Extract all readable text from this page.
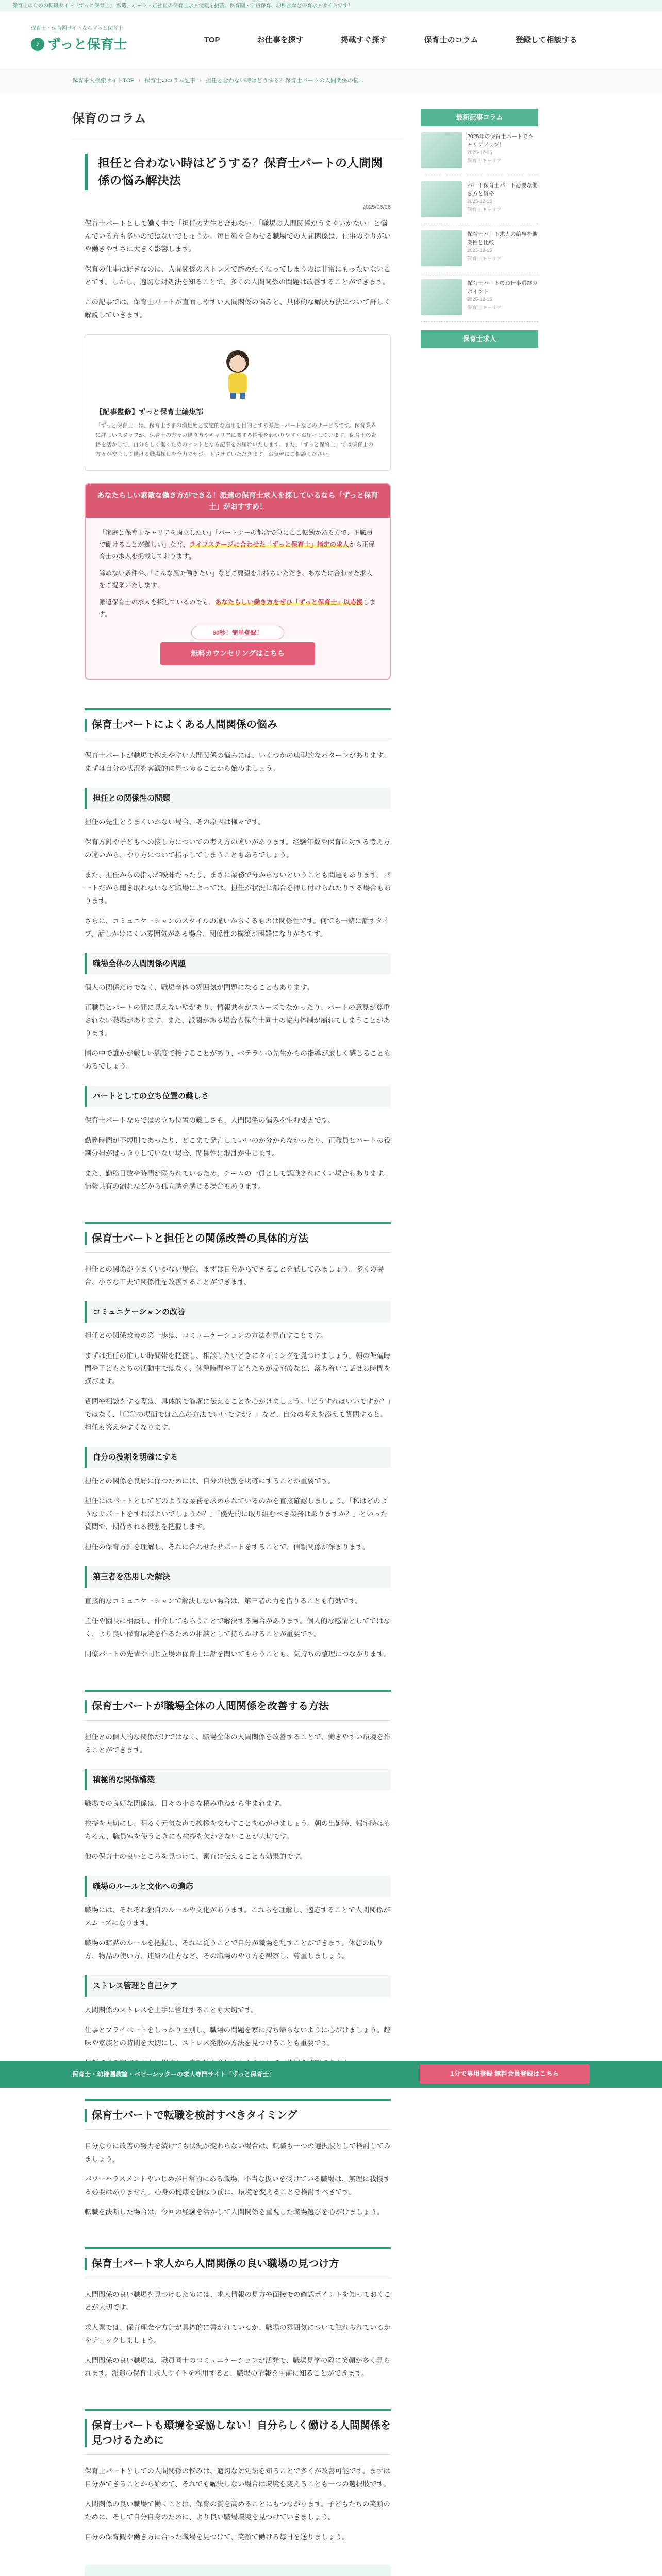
保育士のための転職サイト「ずっと保育士」 派遣・パート・正社員の保育士求人情報を掲載。保育園・学童保育、幼稚園など保育求人サイトです！
保育士・保育園サイトならずっと保育士
♪ ずっと保育士	TOP	お仕事を探す	掲載すぐ探す	保育士のコラム	登録して相談する
保育求人検索サイトTOP › 保育士のコラム記事 › 担任と合わない時はどうする？保育士パートの人間関係の悩...
保育のコラム
担任と合わない時はどうする？保育士パートの人間関係の悩み解決法
2025/06/26

保育士パートとして働く中で「担任の先生と合わない」「職場の人間関係がうまくいかない」と悩んでいる方も多いのではないでしょうか。毎日顔を合わせる職場での人間関係は、仕事のやりがいや働きやすさに大きく影響します。

保育の仕事は好きなのに、人間関係のストレスで辞めたくなってしまうのは非常にもったいないことです。しかし、適切な対処法を知ることで、多くの人間関係の問題は改善することができます。

この記事では、保育士パートが直面しやすい人間関係の悩みと、具体的な解決方法について詳しく解説していきます。

【記事監修】ずっと保育士編集部
「ずっと保育士」は、保育士さまの満足度と安定的な雇用を目的とする派遣・パートなどのサービスです。保育業界に詳しいスタッフが、保育士の方々の働き方やキャリアに関する情報をわかりやすくお届けしています。保育士の資格を活かして、自分らしく働くためのヒントとなる記事をお届けいたします。また、「ずっと保育士」では保育士の方々が安心して働ける職場探しを全力でサポートさせていただきます。お気軽にご相談ください。
あなたらしい素敵な働き方ができる！派遣の保育士求人を探しているなら「ずっと保育士」がおすすめ！

「家庭と保育士キャリアを両立したい」「パートナーの都合で急にここ転勤がある方で、正職員で働けることが難しい」など、ライフステージに合わせた「ずっと保育士」指定の求人から正保育士の求人を掲載しております。

諦めない条件や、「こんな風で働きたい」などご要望をお持ちいただき、あなたに合わせた求人をご提案いたします。

派遣保育士の求人を探しているのでも、あなたらしい働き方をぜひ「ずっと保育士」以応援します。

60秒！簡単登録！
無料カウンセリングはこちら
保育士パートによくある人間関係の悩み

保育士パートが職場で抱えやすい人間関係の悩みには、いくつかの典型的なパターンがあります。まずは自分の状況を客観的に見つめることから始めましょう。

担任との関係性の問題

担任の先生とうまくいかない場合、その原因は様々です。

保育方針や子どもへの接し方についての考え方の違いがあります。経験年数や保育に対する考え方の違いから、やり方について指示してしまうこともあるでしょう。

また、担任からの指示が曖昧だったり、まさに業務で分からないということも問題もあります。パートだから聞き取れないなど職場によっては、担任が状況に都合を押し付けられたりする場合もあります。

さらに、コミュニケーションのスタイルの違いからくるものは関係性です。何でも一緒に話すタイプ、話しかけにくい雰囲気がある場合、関係性の構築が困難になりがちです。

職場全体の人間関係の問題

個人の関係だけでなく、職場全体の雰囲気が問題になることもあります。

正職員とパートの間に見えない壁があり、情報共有がスムーズでなかったり、パートの意見が尊重されない職場があります。また、派閥がある場合も保育士同士の協力体制が崩れてしまうことがあります。

園の中で誰かが厳しい態度で接することがあり、ベテランの先生からの指導が厳しく感じることもあるでしょう。

パートとしての立ち位置の難しさ

保育士パートならではの立ち位置の難しさも、人間関係の悩みを生む要因です。

勤務時間が不規則であったり、どこまで発言していいのか分からなかったり、正職員とパートの役割分担がはっきりしていない場合、関係性に混乱が生じます。

また、勤務日数や時間が限られているため、チームの一員として認識されにくい場合もあります。情報共有の漏れなどから孤立感を感じる場合もあります。

保育士パートと担任との関係改善の具体的方法

担任との関係がうまくいかない場合、まずは自分からできることを試してみましょう。多くの場合、小さな工夫で関係性を改善することができます。

コミュニケーションの改善

担任との関係改善の第一歩は、コミュニケーションの方法を見直すことです。

まずは担任の忙しい時間帯を把握し、相談したいときにタイミングを見つけましょう。朝の準備時間や子どもたちの活動中ではなく、休憩時間や子どもたちが帰宅後など、落ち着いて話せる時間を選びます。

質問や相談をする際は、具体的で簡潔に伝えることを心がけましょう。「どうすればいいですか？」ではなく、「〇〇の場面では△△の方法でいいですか？」など、自分の考えを添えて質問すると、担任も答えやすくなります。

自分の役割を明確にする

担任との関係を良好に保つためには、自分の役割を明確にすることが重要です。

担任にはパートとしてどのような業務を求められているのかを直接確認しましょう。「私はどのようなサポートをすればよいでしょうか？」「優先的に取り組むべき業務はありますか？」といった質問で、期待される役割を把握します。

担任の保育方針を理解し、それに合わせたサポートをすることで、信頼関係が深まります。

第三者を活用した解決

直接的なコミュニケーションで解決しない場合は、第三者の力を借りることも有効です。

主任や園長に相談し、仲介してもらうことで解決する場合があります。個人的な感情としてではなく、より良い保育環境を作るための相談として持ちかけることが重要です。

同僚パートの先輩や同じ立場の保育士に話を聞いてもらうことも、気持ちの整理につながります。

保育士パートが職場全体の人間関係を改善する方法

担任との個人的な関係だけではなく、職場全体の人間関係を改善することで、働きやすい環境を作ることができます。

積極的な関係構築

職場での良好な関係は、日々の小さな積み重ねから生まれます。

挨拶を大切にし、明るく元気な声で挨拶を交わすことを心がけましょう。朝の出勤時、帰宅時はもちろん、職員室を使うときにも挨拶を欠かさないことが大切です。

他の保育士の良いところを見つけて、素直に伝えることも効果的です。

職場のルールと文化への適応

職場には、それぞれ独自のルールや文化があります。これらを理解し、適応することで人間関係がスムーズになります。

職場の暗黙のルールを把握し、それに従うことで自分が職場を乱すことができます。休憩の取り方、物品の使い方、連絡の仕方など、その職場のやり方を観察し、尊重しましょう。

ストレス管理と自己ケア

人間関係のストレスを上手に管理することも大切です。

仕事とプライベートをしっかり区別し、職場の問題を家に持ち帰らないように心がけましょう。趣味や家族との時間を大切にし、ストレス発散の方法を見つけることも重要です。

保育士パートで転職を検討すべきタイミング

自分なりに改善の努力を続けても状況が変わらない場合は、転職も一つの選択肢として検討してみましょう。

パワーハラスメントやいじめが日常的にある職場、不当な扱いを受けている職場は、無理に我慢する必要はありません。心身の健康を損なう前に、環境を変えることを検討すべきです。

転職を決断した場合は、今回の経験を活かして人間関係を重視した職場選びを心がけましょう。

保育士パート求人から人間関係の良い職場の見つけ方

人間関係の良い職場を見つけるためには、求人情報の見方や面接での確認ポイントを知っておくことが大切です。

求人票では、保育理念や方針が具体的に書かれているか、職場の雰囲気について触れられているかをチェックしましょう。

人間関係の良い職場は、職員同士のコミュニケーションが活発で、職場見学の際に笑顔が多く見られます。派遣の保育士求人サイトを利用すると、職場の情報を事前に知ることができます。

保育士パートも環境を妥協しない！自分らしく働ける人間関係を見つけるために

保育士パートとしての人間関係の悩みは、適切な対処法を知ることで多くが改善可能です。まずは自分ができることから始めて、それでも解決しない場合は環境を変えることも一つの選択肢です。

人間関係の良い職場で働くことは、保育の質を高めることにもつながります。子どもたちの笑顔のために、そして自分自身のために、より良い職場環境を見つけていきましょう。

自分の保育観や働き方に合った職場を見つけて、笑顔で働ける毎日を送りましょう。

最新記事コラム
2025年の保育士パートでキャリアアップ！
2025-12-15
保育士キャリア
パート保育士パート必要な働き方と資格
2025-12-15
保育士キャリア
保育士パート求人の給与を他業種と比較
2025-12-15
保育士キャリア
保育士パートのお仕事選びのポイント
2025-12-15
保育士キャリア
保育士求人

保育士・幼稚園教諭・ベビーシッターの求人専門サイト「ずっと保育士」	1分で専用登録 無料会員登録はこちら
